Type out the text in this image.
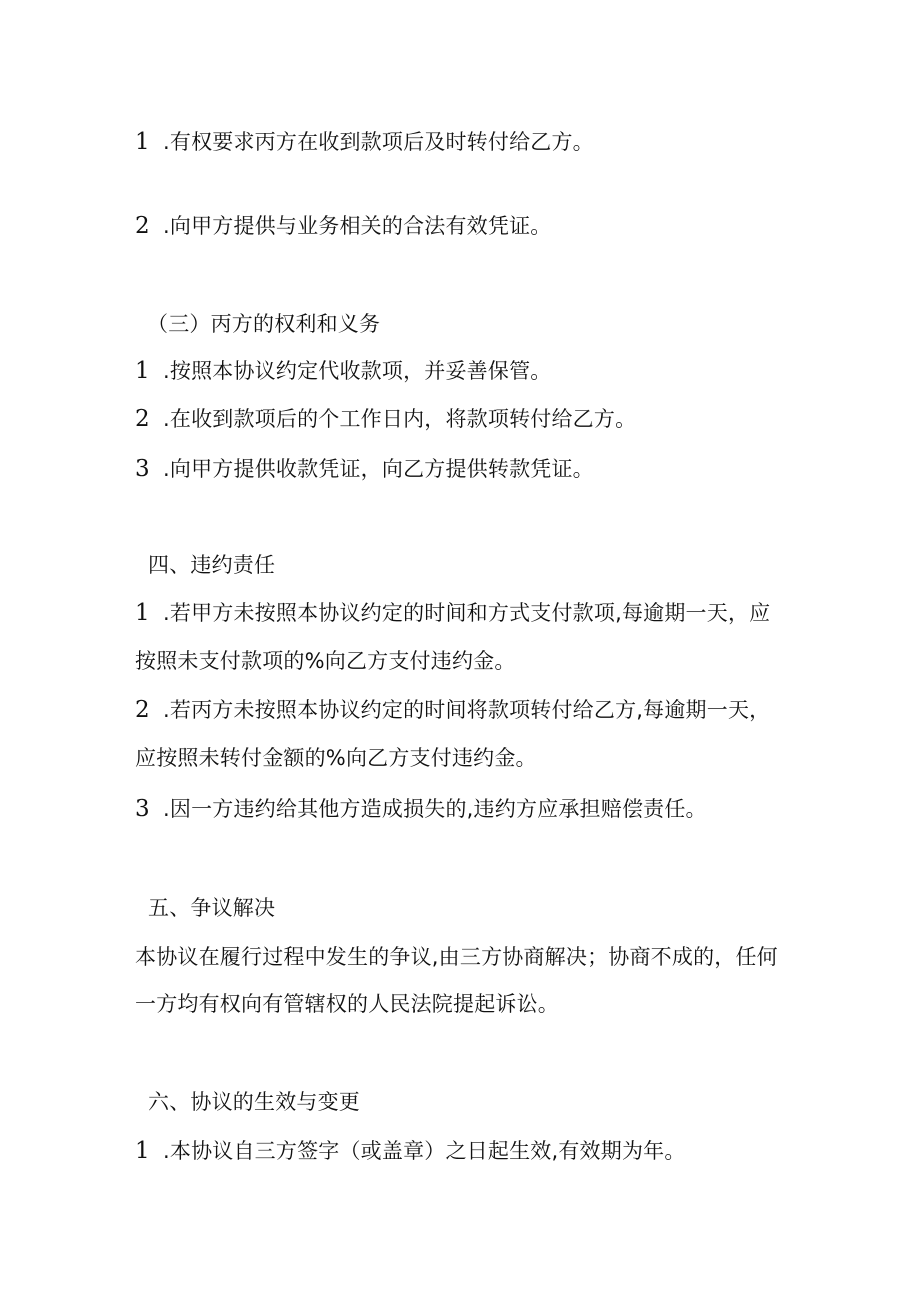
1 .有权要求丙方在收到款项后及时转付给乙方。
2 .向甲方提供与业务相关的合法有效凭证。
（三）丙方的权利和义务
1 .按照本协议约定代收款项，并妥善保管。
2 .在收到款项后的个工作日内，将款项转付给乙方。
3 .向甲方提供收款凭证，向乙方提供转款凭证。
四、违约责任
1 .若甲方未按照本协议约定的时间和方式支付款项,每逾期一天，应
按照未支付款项的%向乙方支付违约金。
2 .若丙方未按照本协议约定的时间将款项转付给乙方,每逾期一天，
应按照未转付金额的%向乙方支付违约金。
3 .因一方违约给其他方造成损失的,违约方应承担赔偿责任。
五、争议解决
本协议在履行过程中发生的争议,由三方协商解决；协商不成的，任何
一方均有权向有管辖权的人民法院提起诉讼。
六、协议的生效与变更
1 .本协议自三方签字（或盖章）之日起生效,有效期为年。
